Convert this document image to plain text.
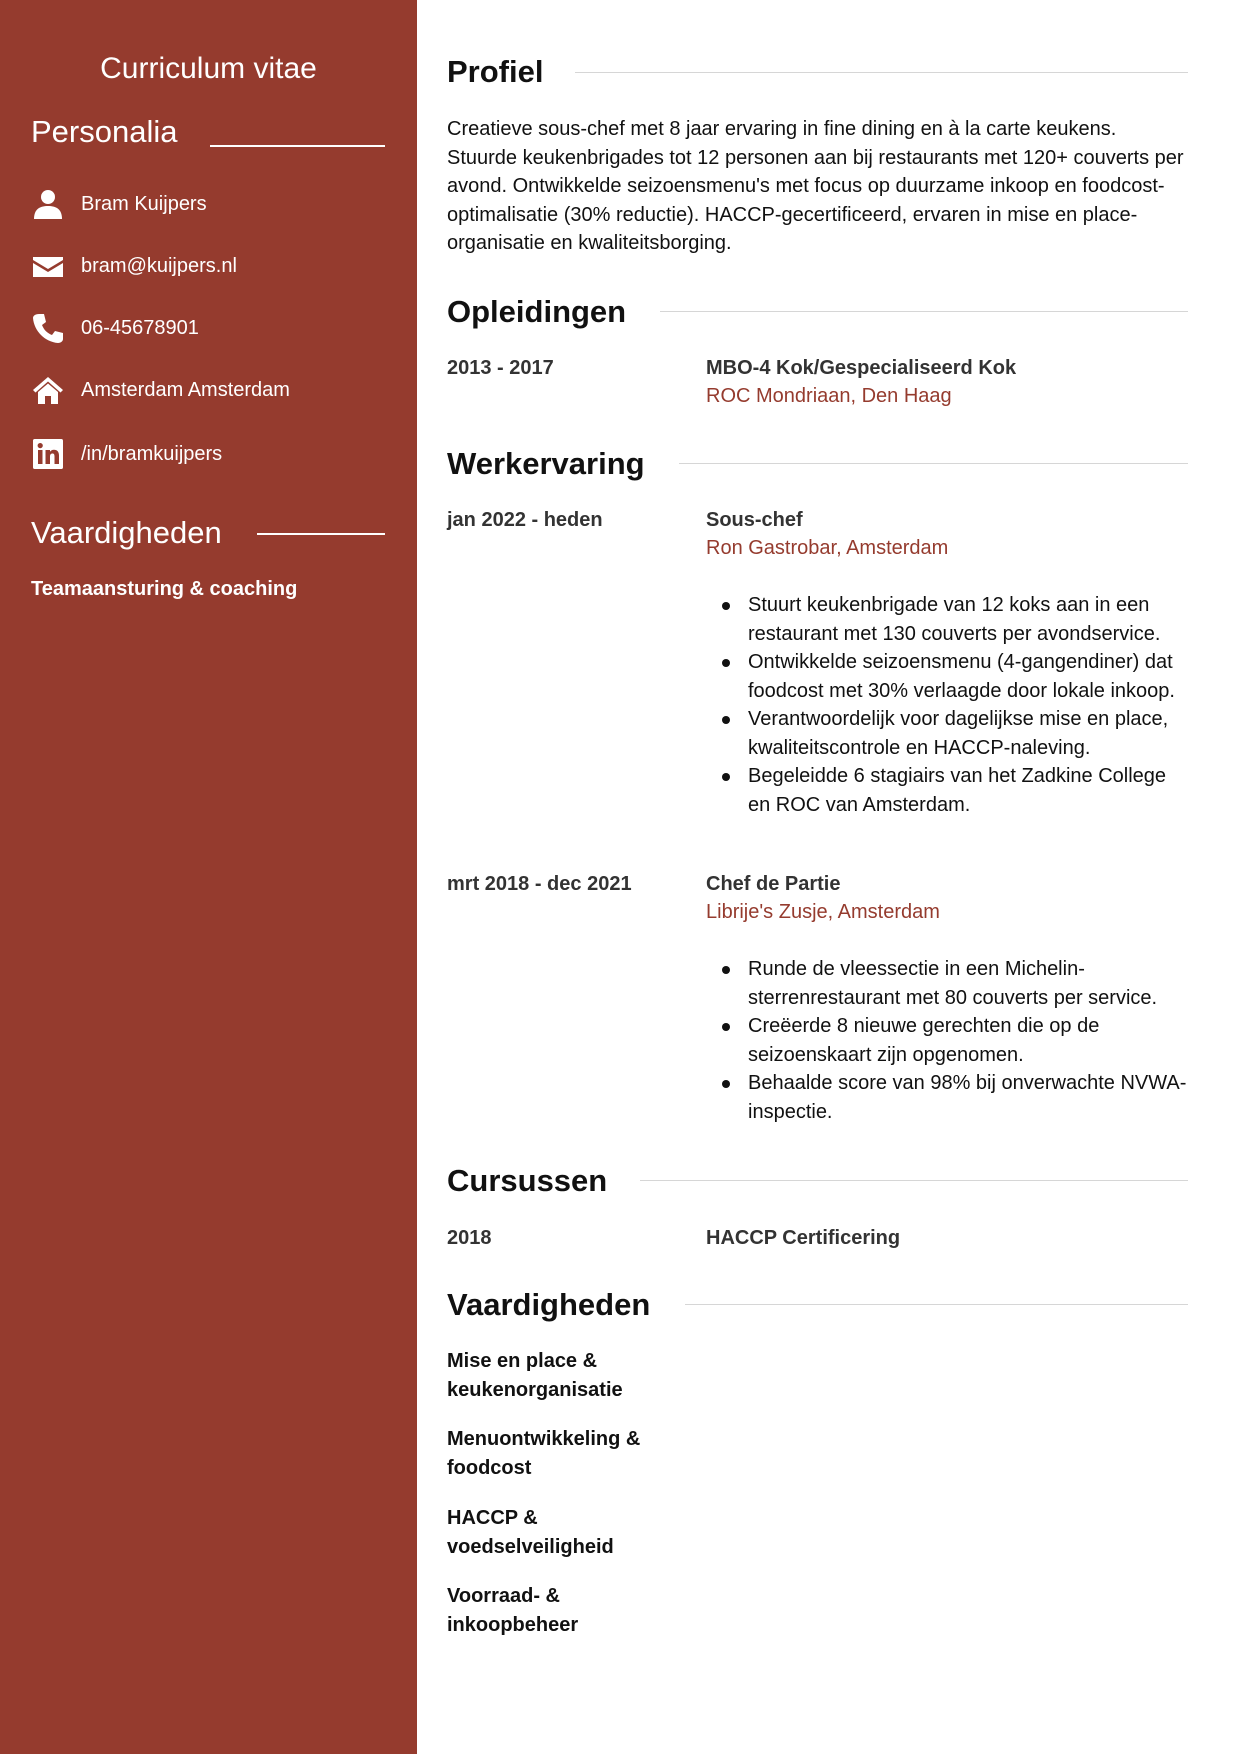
Curriculum vitae
Personalia
Bram Kuijpers
bram@kuijpers.nl
06-45678901
Amsterdam Amsterdam
/in/bramkuijpers
Vaardigheden
Teamaansturing & coaching
Profiel

Creatieve sous-chef met 8 jaar ervaring in fine dining en à la carte keukens. Stuurde keukenbrigades tot 12 personen aan bij restaurants met 120+ couverts per avond. Ontwikkelde seizoensmenu's met focus op duurzame inkoop en foodcost-optimalisatie (30% reductie). HACCP-gecertificeerd, ervaren in mise en place-organisatie en kwaliteitsborging.

Opleidingen
2013 - 2017	MBO-4 Kok/Gespecialiseerd Kok
ROC Mondriaan, Den Haag
Werkervaring
jan 2022 - heden	Sous-chef
Ron Gastrobar, Amsterdam
Stuurt keukenbrigade van 12 koks aan in een restaurant met 130 couverts per avondservice.
Ontwikkelde seizoensmenu (4-gangendiner) dat foodcost met 30% verlaagde door lokale inkoop.
Verantwoordelijk voor dagelijkse mise en place, kwaliteitscontrole en HACCP-naleving.
Begeleidde 6 stagiairs van het Zadkine College en ROC van Amsterdam.
mrt 2018 - dec 2021	Chef de Partie
Librije's Zusje, Amsterdam
Runde de vleessectie in een Michelin-sterrenrestaurant met 80 couverts per service.
Creëerde 8 nieuwe gerechten die op de seizoenskaart zijn opgenomen.
Behaalde score van 98% bij onverwachte NVWA-inspectie.
Cursussen
2018	HACCP Certificering
Vaardigheden
Mise en place & keukenorganisatie
Menuontwikkeling & foodcost
HACCP & voedselveiligheid
Voorraad- & inkoopbeheer
